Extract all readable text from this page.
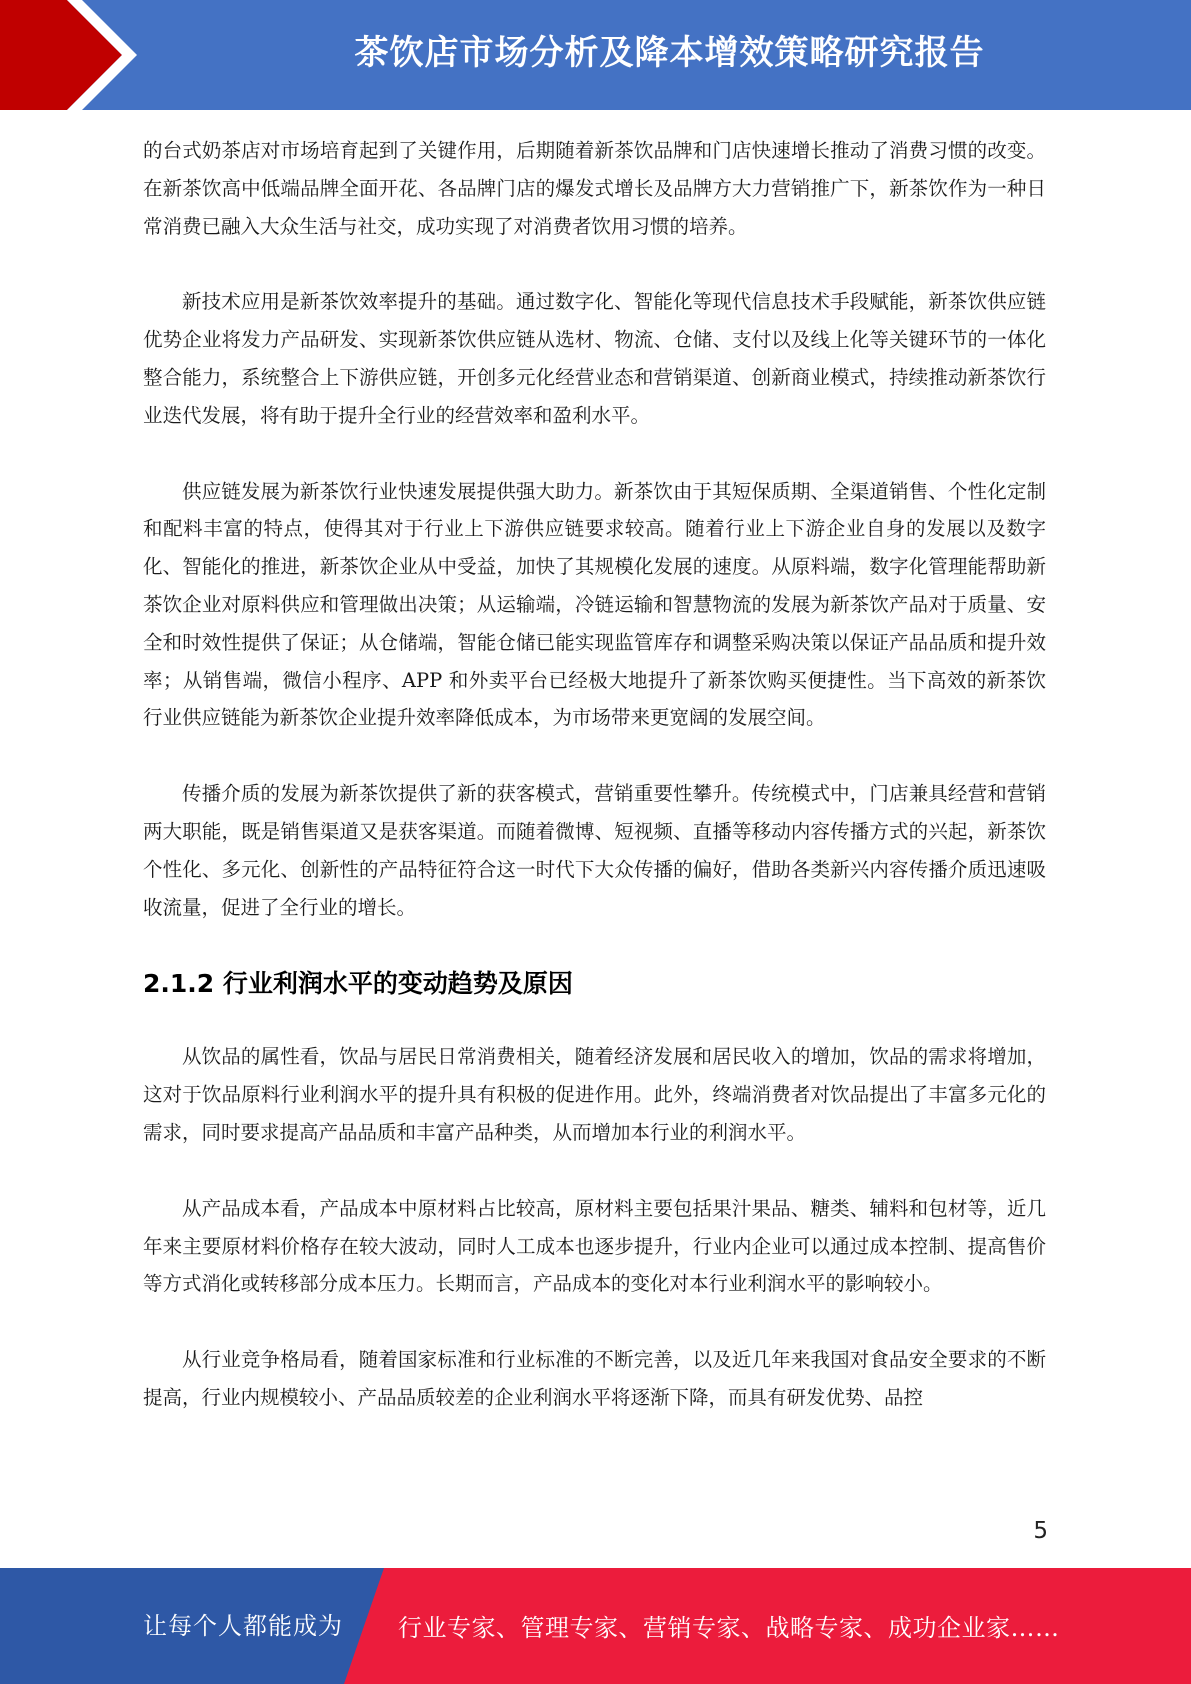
茶饮店市场分析及降本增效策略研究报告

的台式奶茶店对市场培育起到了关键作用，后期随着新茶饮品牌和门店快速增长推动了消费习惯的改变。在新茶饮高中低端品牌全面开花、各品牌门店的爆发式增长及品牌方大力营销推广下，新茶饮作为一种日常消费已融入大众生活与社交，成功实现了对消费者饮用习惯的培养。

新技术应用是新茶饮效率提升的基础。通过数字化、智能化等现代信息技术手段赋能，新茶饮供应链优势企业将发力产品研发、实现新茶饮供应链从选材、物流、仓储、支付以及线上化等关键环节的一体化整合能力，系统整合上下游供应链，开创多元化经营业态和营销渠道、创新商业模式，持续推动新茶饮行业迭代发展，将有助于提升全行业的经营效率和盈利水平。

供应链发展为新茶饮行业快速发展提供强大助力。新茶饮由于其短保质期、全渠道销售、个性化定制和配料丰富的特点，使得其对于行业上下游供应链要求较高。随着行业上下游企业自身的发展以及数字化、智能化的推进，新茶饮企业从中受益，加快了其规模化发展的速度。从原料端，数字化管理能帮助新茶饮企业对原料供应和管理做出决策；从运输端，冷链运输和智慧物流的发展为新茶饮产品对于质量、安全和时效性提供了保证；从仓储端，智能仓储已能实现监管库存和调整采购决策以保证产品品质和提升效率；从销售端，微信小程序、APP 和外卖平台已经极大地提升了新茶饮购买便捷性。当下高效的新茶饮行业供应链能为新茶饮企业提升效率降低成本，为市场带来更宽阔的发展空间。

传播介质的发展为新茶饮提供了新的获客模式，营销重要性攀升。传统模式中，门店兼具经营和营销两大职能，既是销售渠道又是获客渠道。而随着微博、短视频、直播等移动内容传播方式的兴起，新茶饮个性化、多元化、创新性的产品特征符合这一时代下大众传播的偏好，借助各类新兴内容传播介质迅速吸收流量，促进了全行业的增长。

2.1.2 行业利润水平的变动趋势及原因

从饮品的属性看，饮品与居民日常消费相关，随着经济发展和居民收入的增加，饮品的需求将增加，这对于饮品原料行业利润水平的提升具有积极的促进作用。此外，终端消费者对饮品提出了丰富多元化的需求，同时要求提高产品品质和丰富产品种类，从而增加本行业的利润水平。

从产品成本看，产品成本中原材料占比较高，原材料主要包括果汁果品、糖类、辅料和包材等，近几年来主要原材料价格存在较大波动，同时人工成本也逐步提升，行业内企业可以通过成本控制、提高售价等方式消化或转移部分成本压力。长期而言，产品成本的变化对本行业利润水平的影响较小。

从行业竞争格局看，随着国家标准和行业标准的不断完善，以及近几年来我国对食品安全要求的不断提高，行业内规模较小、产品品质较差的企业利润水平将逐渐下降，而具有研发优势、品控

5
让每个人都能成为 行业专家、管理专家、营销专家、战略专家、成功企业家……
